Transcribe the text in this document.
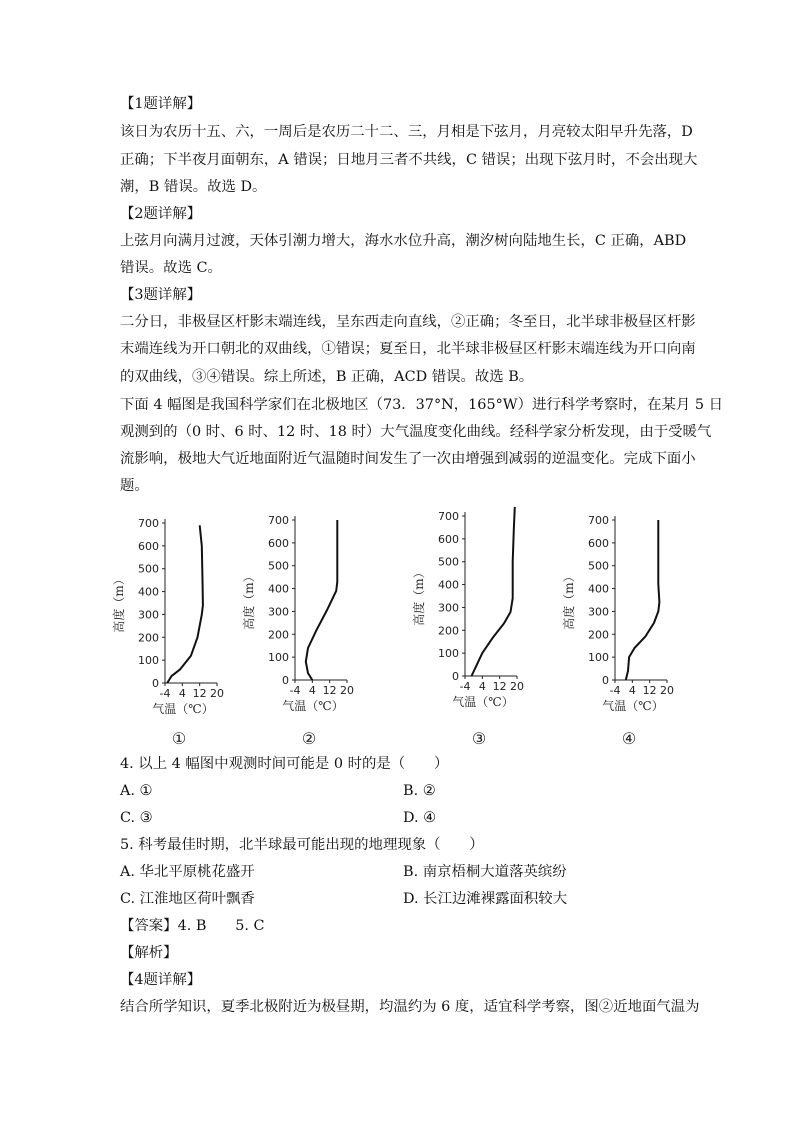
【1题详解】
该日为农历十五、六，一周后是农历二十二、三，月相是下弦月，月亮较太阳早升先落，D
正确；下半夜月面朝东，A 错误；日地月三者不共线，C 错误；出现下弦月时，不会出现大
潮，B 错误。故选 D。
【2题详解】
上弦月向满月过渡，天体引潮力增大，海水水位升高，潮汐树向陆地生长，C 正确，ABD
错误。故选 C。
【3题详解】
二分日，非极昼区杆影末端连线，呈东西走向直线，②正确；冬至日，北半球非极昼区杆影
末端连线为开口朝北的双曲线，①错误；夏至日，北半球非极昼区杆影末端连线为开口向南
的双曲线，③④错误。综上所述，B 正确，ACD 错误。故选 B。
下面 4 幅图是我国科学家们在北极地区（73．37°N，165°W）进行科学考察时，在某月 5 日
观测到的（0 时、6 时、12 时、18 时）大气温度变化曲线。经科学家分析发现，由于受暖气
流影响，极地大气近地面附近气温随时间发生了一次由增强到减弱的逆温变化。完成下面小
题。
0
100
200
300
400
500
600
700
-4 4 12 20
高度（m）
气温（℃）
①
0
100
200
300
400
500
600
700
-4 4 12 20
高度（m）
气温（℃）
②
0
100
200
300
400
500
600
700
-4 4 12 20
高度（m）
气温（℃）
③
0
100
200
300
400
500
600
700
-4 4 12 20
高度（m）
气温（℃）
④
4. 以上 4 幅图中观测时间可能是 0 时的是（　　）
A. ①	B. ②
C. ③	D. ④
5. 科考最佳时期，北半球最可能出现的地理现象（　　）
A. 华北平原桃花盛开	B. 南京梧桐大道落英缤纷
C. 江淮地区荷叶飘香	D. 长江边滩裸露面积较大
【答案】4. B　　5. C
【解析】
【4题详解】
结合所学知识，夏季北极附近为极昼期，均温约为 6 度，适宜科学考察，图②近地面气温为
